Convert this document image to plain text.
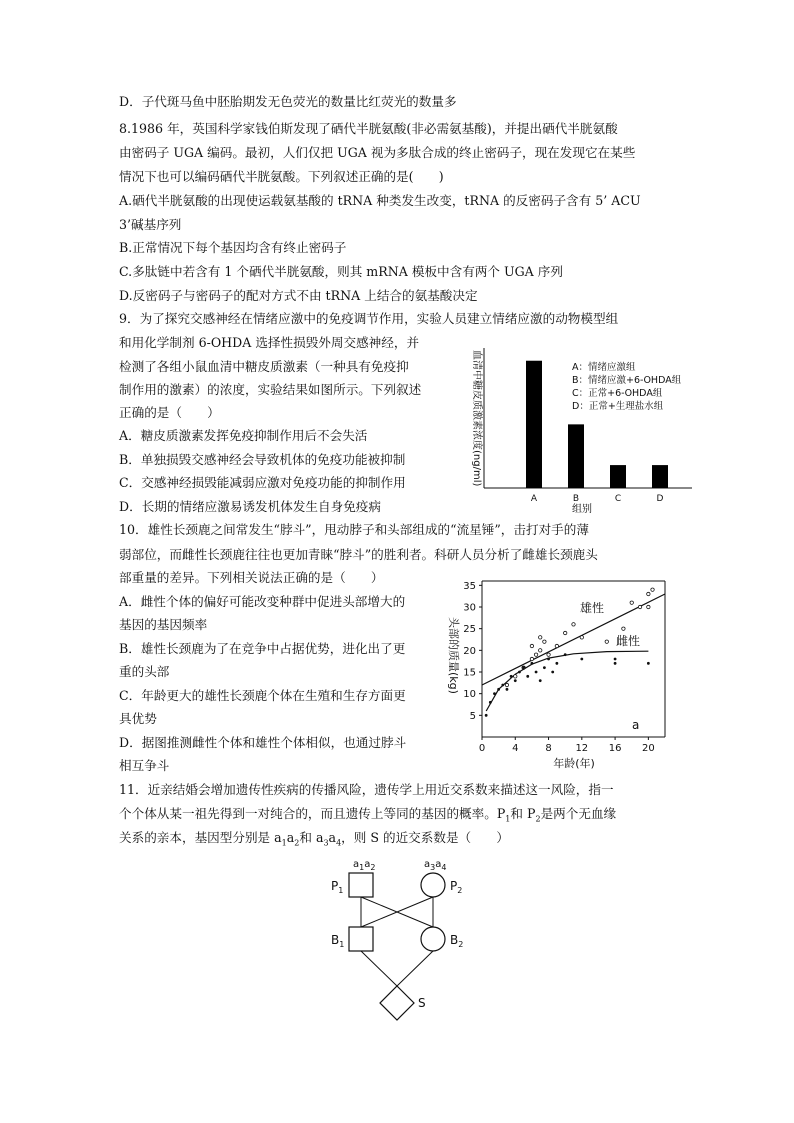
D．子代斑马鱼中胚胎期发无色荧光的数量比红荧光的数量多
8.1986 年，英国科学家钱伯斯发现了硒代半胱氨酸(非必需氨基酸)，并提出硒代半胱氨酸
由密码子 UGA 编码。最初，人们仅把 UGA 视为多肽合成的终止密码子，现在发现它在某些
情况下也可以编码硒代半胱氨酸。下列叙述正确的是(　　)
A.硒代半胱氨酸的出现使运载氨基酸的 tRNA 种类发生改变，tRNA 的反密码子含有 5’ ACU
3’碱基序列
B.正常情况下每个基因均含有终止密码子
C.多肽链中若含有 1 个硒代半胱氨酸，则其 mRNA 模板中含有两个 UGA 序列
D.反密码子与密码子的配对方式不由 tRNA 上结合的氨基酸决定
9．为了探究交感神经在情绪应激中的免疫调节作用，实验人员建立情绪应激的动物模型组
和用化学制剂 6-OHDA 选择性损毁外周交感神经，并
检测了各组小鼠血清中糖皮质激素（一种具有免疫抑
制作用的激素）的浓度，实验结果如图所示。下列叙述
正确的是（　　）
A．糖皮质激素发挥免疫抑制作用后不会失活
B．单独损毁交感神经会导致机体的免疫功能被抑制
C．交感神经损毁能减弱应激对免疫功能的抑制作用
D．长期的情绪应激易诱发机体发生自身免疫病
10．雄性长颈鹿之间常发生“脖斗”，甩动脖子和头部组成的“流星锤”，击打对手的薄
弱部位，而雌性长颈鹿往往也更加青睐“脖斗”的胜利者。科研人员分析了雌雄长颈鹿头
部重量的差异。下列相关说法正确的是（　　）
A．雌性个体的偏好可能改变种群中促进头部增大的
基因的基因频率
B．雄性长颈鹿为了在竞争中占据优势，进化出了更
重的头部
C．年龄更大的雄性长颈鹿个体在生殖和生存方面更
具优势
D．据图推测雌性个体和雄性个体相似，也通过脖斗
相互争斗
11．近亲结婚会增加遗传性疾病的传播风险，遗传学上用近交系数来描述这一风险，指一
个个体从某一祖先得到一对纯合的，而且遗传上等同的基因的概率。$P_1$和 $P_2$是两个无血缘
关系的亲本，基因型分别是 $a_1a_2$和 $a_3a_4$，则 S 的近交系数是（　　）
血清中糖皮质激素浓度(ng/ml)
A	B	C	D
A：情绪应激组
B：情绪应激+6-OHDA组
C：正常+6-OHDA组
D：正常+生理盐水组
组别
头部的质量(kg)
0	4	8 12 16 20
5
10
15
20
25
30
35
雄性
雌性
a
年龄(年)
$a_1a_2$	$a_3a_4$
$P_1$	$P_2$
$B_1$	$B_2$
S
